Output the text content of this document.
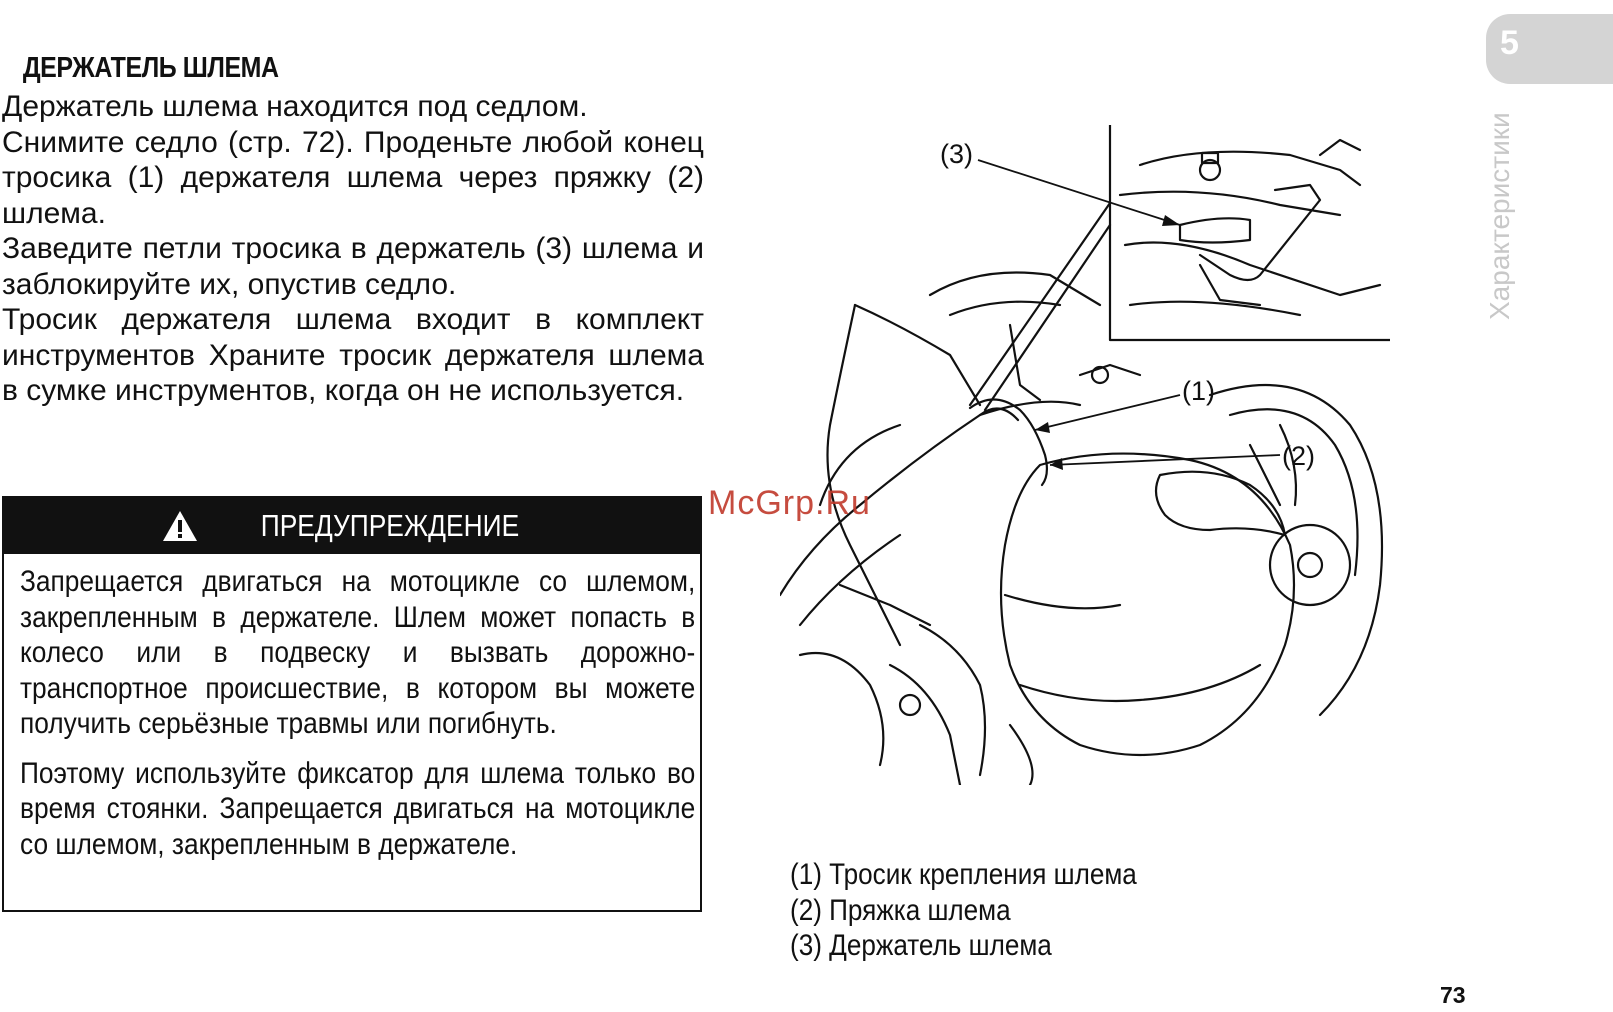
ДЕРЖАТЕЛЬ ШЛЕМА

Держатель шлема находится под седлом.

Снимите седло (стр. 72). Проденьте любой конец тросика (1) держателя шлема через пряжку (2) шлема.

Заведите петли тросика в держатель (3) шлема и заблокируйте их, опустив седло.

Тросик держателя шлема входит в комплект инструментов Храните тросик держателя шлема в сумке инструментов, когда он не используется.

ПРЕДУПРЕЖДЕНИЕ

Запрещается двигаться на мотоцикле со шлемом, закрепленным в держателе. Шлем может попасть в колесо или в подвеску и вызвать дорожно-транспортное происшествие, в котором вы можете получить серьёзные травмы или погибнуть.

Поэтому используйте фиксатор для шлема только во время стоянки. Запрещается двигаться на мотоцикле со шлемом, закрепленным в держателе.

(3)
(1)
(2)
McGrp.Ru
(1) Тросик крепления шлема
(2) Пряжка шлема
(3) Держатель шлема
5
Характеристики
73
